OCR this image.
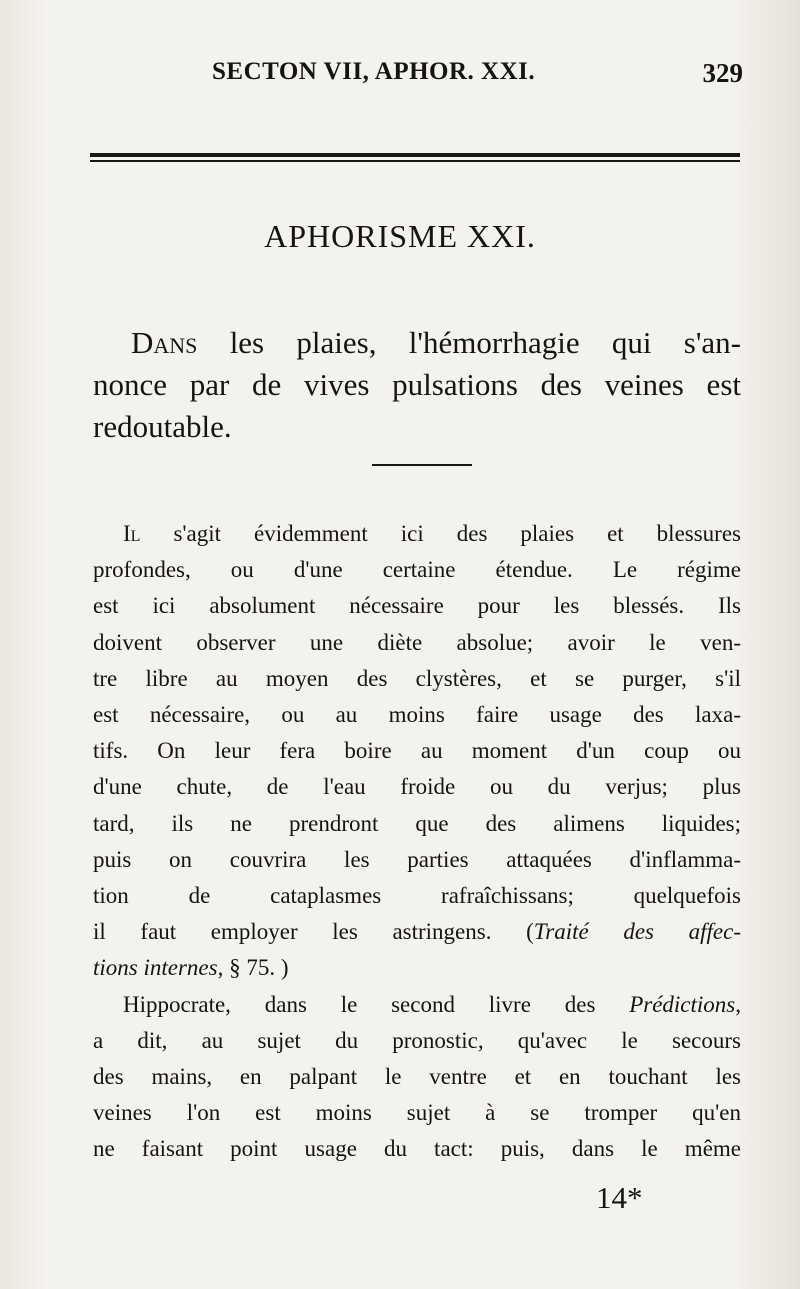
SECTON VII, APHOR. XXI.	329
APHORISME XXI.
Dans les plaies, l'hémorrhagie qui s'an-
nonce par de vives pulsations des veines est
redoutable.
Il s'agit évidemment ici des plaies et blessures
profondes, ou d'une certaine étendue. Le régime
est ici absolument nécessaire pour les blessés. Ils
doivent observer une diète absolue; avoir le ven-
tre libre au moyen des clystères, et se purger, s'il
est nécessaire, ou au moins faire usage des laxa-
tifs. On leur fera boire au moment d'un coup ou
d'une chute, de l'eau froide ou du verjus; plus
tard, ils ne prendront que des alimens liquides;
puis on couvrira les parties attaquées d'inflamma-
tion de cataplasmes rafraîchissans; quelquefois
il faut employer les astringens. (Traité des affec-
tions internes, § 75. )
Hippocrate, dans le second livre des Prédictions,
a dit, au sujet du pronostic, qu'avec le secours
des mains, en palpant le ventre et en touchant les
veines l'on est moins sujet à se tromper qu'en
ne faisant point usage du tact: puis, dans le même
14*
